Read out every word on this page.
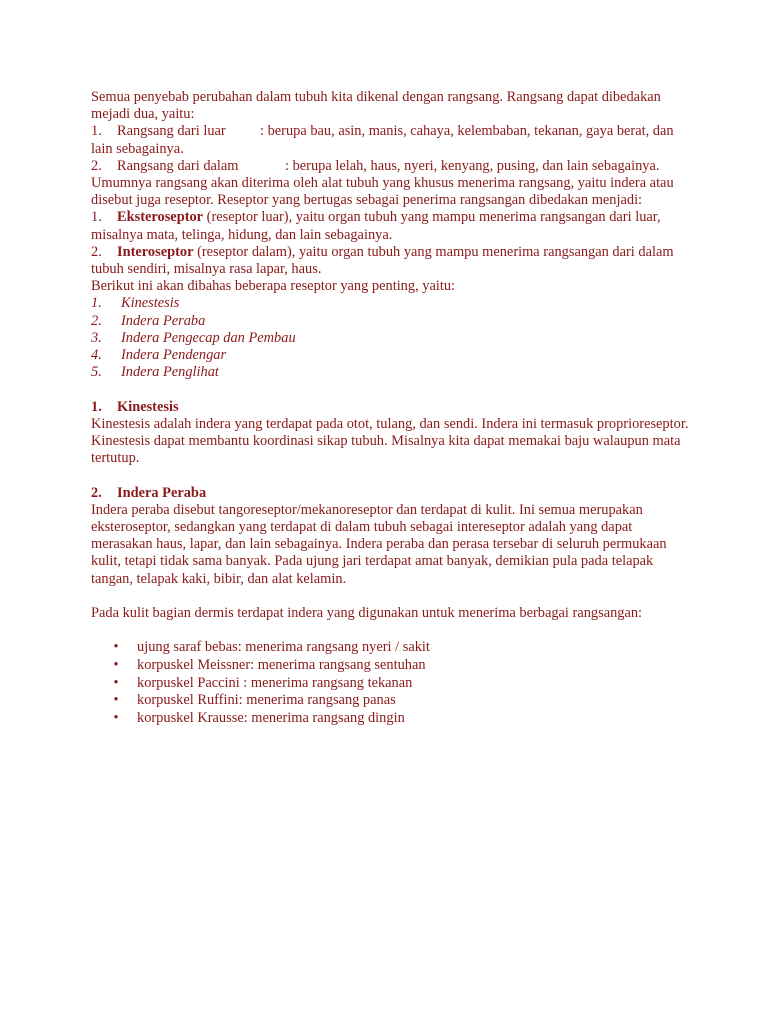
Semua penyebab perubahan dalam tubuh kita dikenal dengan rangsang. Rangsang dapat dibedakan mejadi dua, yaitu:

1. Rangsang dari luar : berupa bau, asin, manis, cahaya, kelembaban, tekanan, gaya berat, dan lain sebagainya.

2. Rangsang dari dalam	: berupa lelah, haus, nyeri, kenyang, pusing, dan lain sebagainya.

Umumnya rangsang akan diterima oleh alat tubuh yang khusus menerima rangsang, yaitu indera atau disebut juga reseptor. Reseptor yang bertugas sebagai penerima rangsangan dibedakan menjadi:

1. Eksteroseptor (reseptor luar), yaitu organ tubuh yang mampu menerima rangsangan dari luar, misalnya mata, telinga, hidung, dan lain sebagainya.

2. Interoseptor (reseptor dalam), yaitu organ tubuh yang mampu menerima rangsangan dari dalam tubuh sendiri, misalnya rasa lapar, haus.

Berikut ini akan dibahas beberapa reseptor yang penting, yaitu:

1. Kinestesis

2. Indera Peraba

3. Indera Pengecap dan Pembau

4. Indera Pendengar

5. Indera Penglihat

1. Kinestesis

Kinestesis adalah indera yang terdapat pada otot, tulang, dan sendi. Indera ini termasuk proprioreseptor. Kinestesis dapat membantu koordinasi sikap tubuh. Misalnya kita dapat memakai baju walaupun mata tertutup.

2. Indera Peraba

Indera peraba disebut tangoreseptor/mekanoreseptor dan terdapat di kulit. Ini semua merupakan eksteroseptor, sedangkan yang terdapat di dalam tubuh sebagai intereseptor adalah yang dapat merasakan haus, lapar, dan lain sebagainya. Indera peraba dan perasa tersebar di seluruh permukaan kulit, tetapi tidak sama banyak. Pada ujung jari terdapat amat banyak, demikian pula pada telapak tangan, telapak kaki, bibir, dan alat kelamin.

Pada kulit bagian dermis terdapat indera yang digunakan untuk menerima berbagai rangsangan:

• ujung saraf bebas: menerima rangsang nyeri / sakit
• korpuskel Meissner: menerima rangsang sentuhan
• korpuskel Paccini : menerima rangsang tekanan
• korpuskel Ruffini: menerima rangsang panas
• korpuskel Krausse: menerima rangsang dingin
